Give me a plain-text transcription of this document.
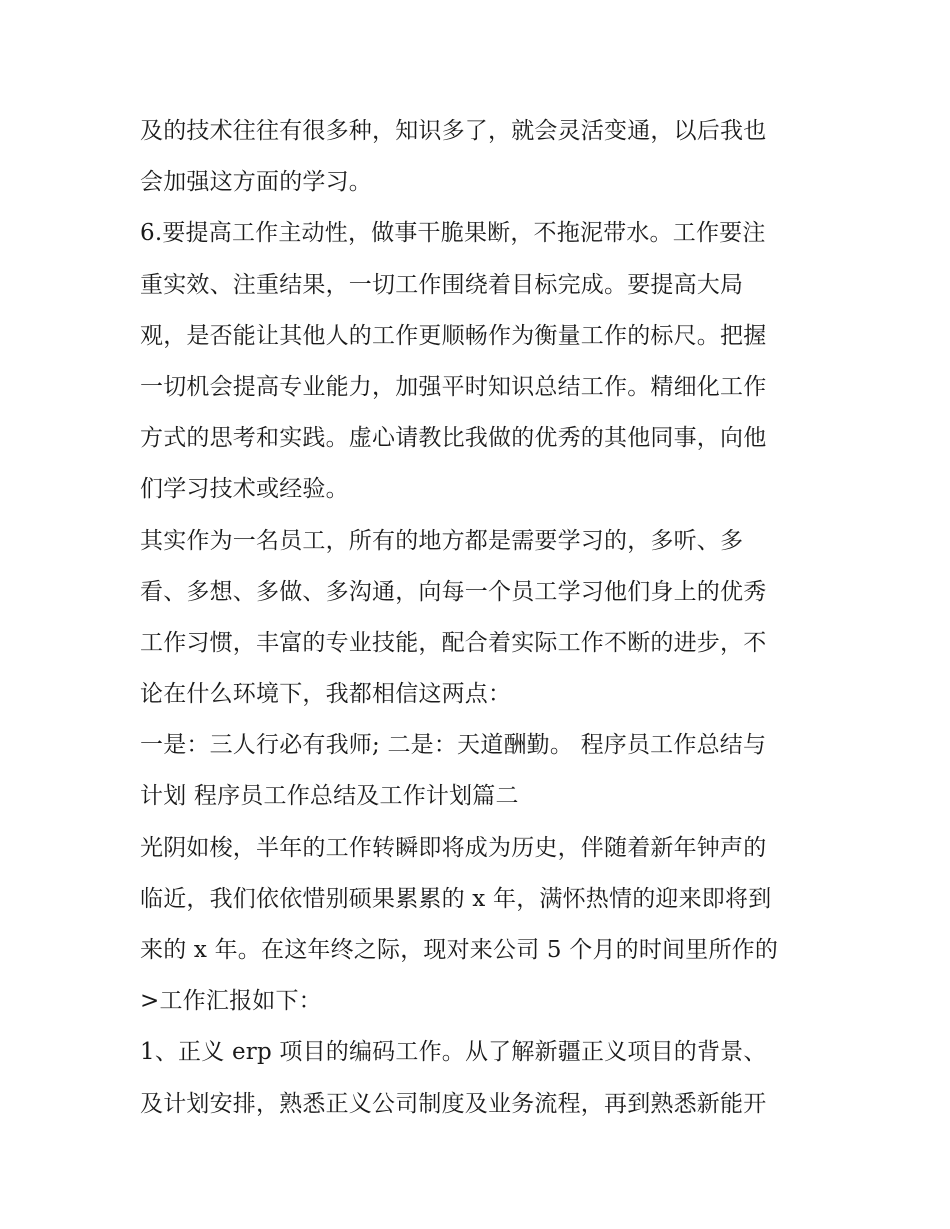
及的技术往往有很多种，知识多了，就会灵活变通，以后我也
会加强这方面的学习。
6.要提高工作主动性，做事干脆果断，不拖泥带水。工作要注
重实效、注重结果，一切工作围绕着目标完成。要提高大局
观，是否能让其他人的工作更顺畅作为衡量工作的标尺。把握
一切机会提高专业能力，加强平时知识总结工作。精细化工作
方式的思考和实践。虚心请教比我做的优秀的其他同事，向他
们学习技术或经验。
其实作为一名员工，所有的地方都是需要学习的，多听、多
看、多想、多做、多沟通，向每一个员工学习他们身上的优秀
工作习惯，丰富的专业技能，配合着实际工作不断的进步，不
论在什么环境下，我都相信这两点：
一是：三人行必有我师; 二是：天道酬勤。 程序员工作总结与
计划 程序员工作总结及工作计划篇二
光阴如梭，半年的工作转瞬即将成为历史，伴随着新年钟声的
临近，我们依依惜别硕果累累的 x 年，满怀热情的迎来即将到
来的 x 年。在这年终之际，现对来公司 5 个月的时间里所作的
>工作汇报如下：
1、正义 erp 项目的编码工作。从了解新疆正义项目的背景、
及计划安排，熟悉正义公司制度及业务流程，再到熟悉新能开
